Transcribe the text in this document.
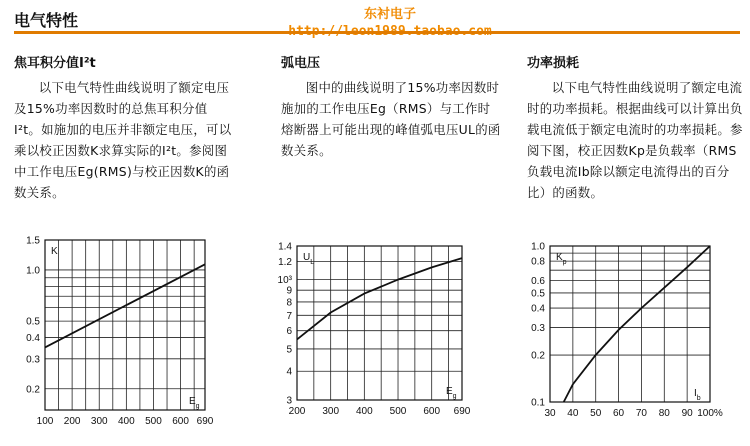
电气特性	东衬电子
焦耳积分值I²t

以下电气特性曲线说明了额定电压及15%功率因数时的总焦耳积分值I²t。如施加的电压并非额定电压，可以乘以校正因数K求算实际的I²t。参阅图中工作电压Eg(RMS)与校正因数K的函数关系。

弧电压

图中的曲线说明了15%功率因数时施加的工作电压Eg（RMS）与工作时熔断器上可能出现的峰值弧电压UL的函数关系。

功率损耗

以下电气特性曲线说明了额定电流时的功率损耗。根据曲线可以计算出负载电流低于额定电流时的功率损耗。参阅下图，校正因数Kp是负载率（RMS负载电流Ib除以额定电流得出的百分比）的函数。

1.5
1.0
0.5
0.4
0.3
0.2
100 200 300 400 500 600 690
K
$E_g$
1.4
1.2
10³
9
8
7
6
5
4
3
200 300 400 500 600 690
$U_L$
$E_g$
1.0
0.8
0.6
0.5
0.4
0.3
0.2
0.1
30 40 50 60 70 80 90 100%
$K_p$
$I_b$
